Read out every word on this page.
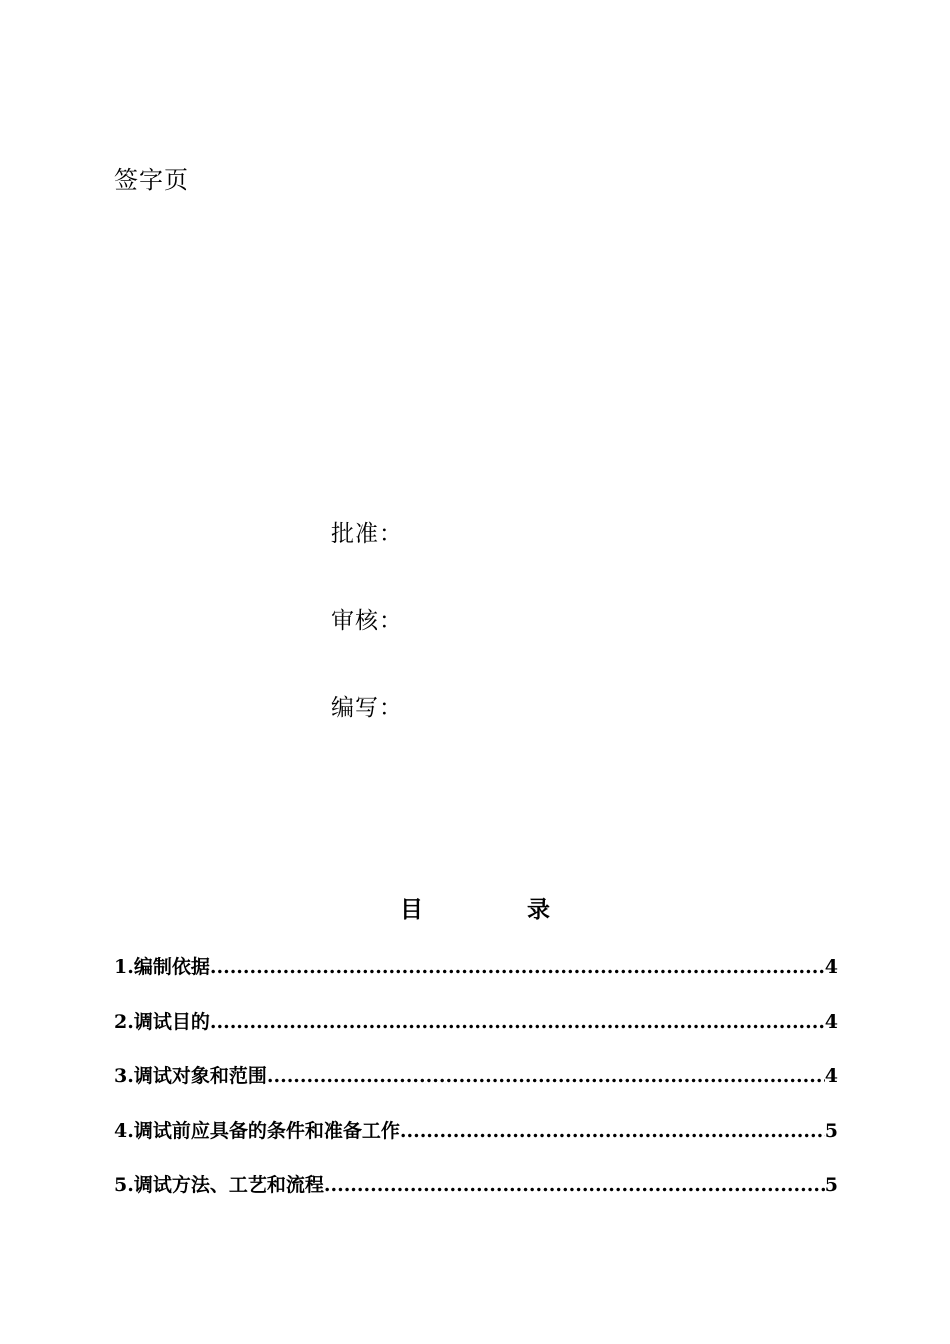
签字页
批准：
审核：
编写：
目	录
1.编制依据 .....	4
2.调试目的 .....	4
3.调试对象和范围 .....	4
4.调试前应具备的条件和准备工作 .....	5
5.调试方法、工艺和流程 .....	5
